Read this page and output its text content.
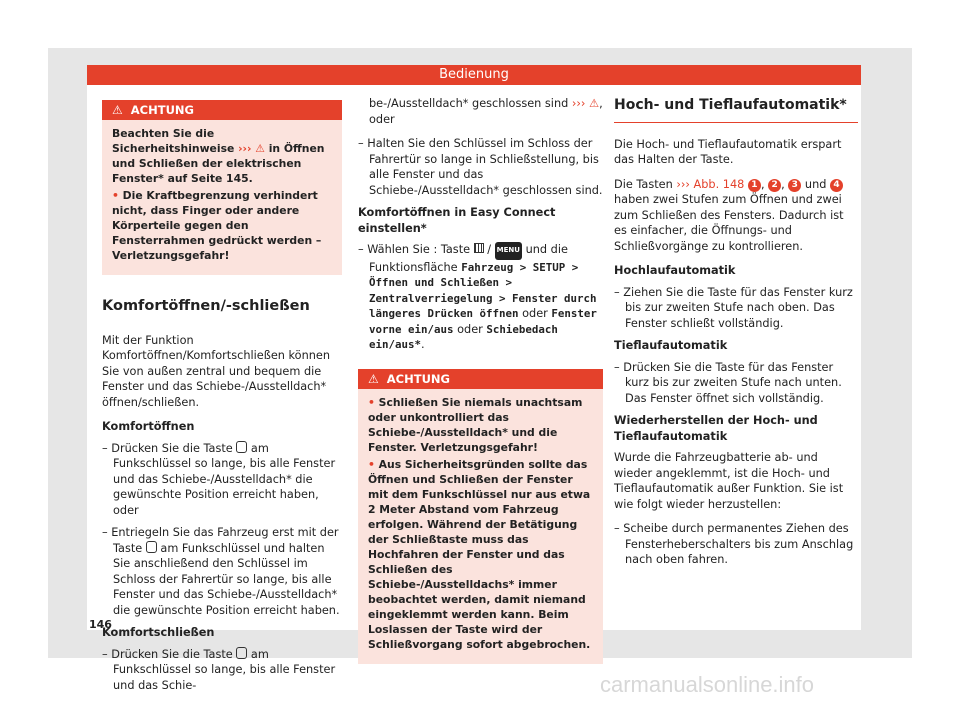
Bedienung
⚠ ACHTUNG

Beachten Sie die Sicherheitshinweise ››› ⚠ in Öffnen und Schließen der elektrischen Fenster* auf Seite 145.

• Die Kraftbegrenzung verhindert nicht, dass Finger oder andere Körperteile gegen den Fensterrahmen gedrückt werden – Verletzungsgefahr!

Komfortöffnen/-schließen

Mit der Funktion Komfortöffnen/Komfortschließen können Sie von außen zentral und bequem die Fenster und das Schiebe-/Ausstelldach* öffnen/schließen.

Komfortöffnen
– Drücken Sie die Taste am Funkschlüssel so lange, bis alle Fenster und das Schiebe-/Ausstelldach* die gewünschte Position erreicht haben, oder
– Entriegeln Sie das Fahrzeug erst mit der Taste am Funkschlüssel und halten Sie anschließend den Schlüssel im Schloss der Fahrertür so lange, bis alle Fenster und das Schiebe-/Ausstelldach* die gewünschte Position erreicht haben.
Komfortschließen
– Drücken Sie die Taste am Funkschlüssel so lange, bis alle Fenster und das Schie-

be-/Ausstelldach* geschlossen sind ››› ⚠, oder

– Halten Sie den Schlüssel im Schloss der Fahrertür so lange in Schließstellung, bis alle Fenster und das Schiebe-/Ausstelldach* geschlossen sind.
Komfortöffnen in Easy Connect einstellen*
– Wählen Sie : Taste / MENU und die Funktionsfläche Fahrzeug > SETUP > Öffnen und Schließen > Zentralverriegelung > Fenster durch längeres Drücken öffnen oder Fenster vorne ein/aus oder Schiebedach ein/aus*.
⚠ ACHTUNG

• Schließen Sie niemals unachtsam oder unkontrolliert das Schiebe-/Ausstelldach* und die Fenster. Verletzungsgefahr!

• Aus Sicherheitsgründen sollte das Öffnen und Schließen der Fenster mit dem Funkschlüssel nur aus etwa 2 Meter Abstand vom Fahrzeug erfolgen. Während der Betätigung der Schließtaste muss das Hochfahren der Fenster und das Schließen des Schiebe-/Ausstelldachs* immer beobachtet werden, damit niemand eingeklemmt werden kann. Beim Loslassen der Taste wird der Schließvorgang sofort abgebrochen.

Hoch- und Tieflaufautomatik*

Die Hoch- und Tieflaufautomatik erspart das Halten der Taste.

Die Tasten ››› Abb. 148 1 , 2 , 3 und 4 haben zwei Stufen zum Öffnen und zwei zum Schließen des Fensters. Dadurch ist es einfacher, die Öffnungs- und Schließvorgänge zu kontrollieren.

Hochlaufautomatik
– Ziehen Sie die Taste für das Fenster kurz bis zur zweiten Stufe nach oben. Das Fenster schließt vollständig.
Tieflaufautomatik
– Drücken Sie die Taste für das Fenster kurz bis zur zweiten Stufe nach unten. Das Fenster öffnet sich vollständig.
Wiederherstellen der Hoch- und Tieflaufautomatik

Wurde die Fahrzeugbatterie ab- und wieder angeklemmt, ist die Hoch- und Tieflaufautomatik außer Funktion. Sie ist wie folgt wieder herzustellen:

– Scheibe durch permanentes Ziehen des Fensterheberschalters bis zum Anschlag nach oben fahren.
146
carmanualsonline.info
